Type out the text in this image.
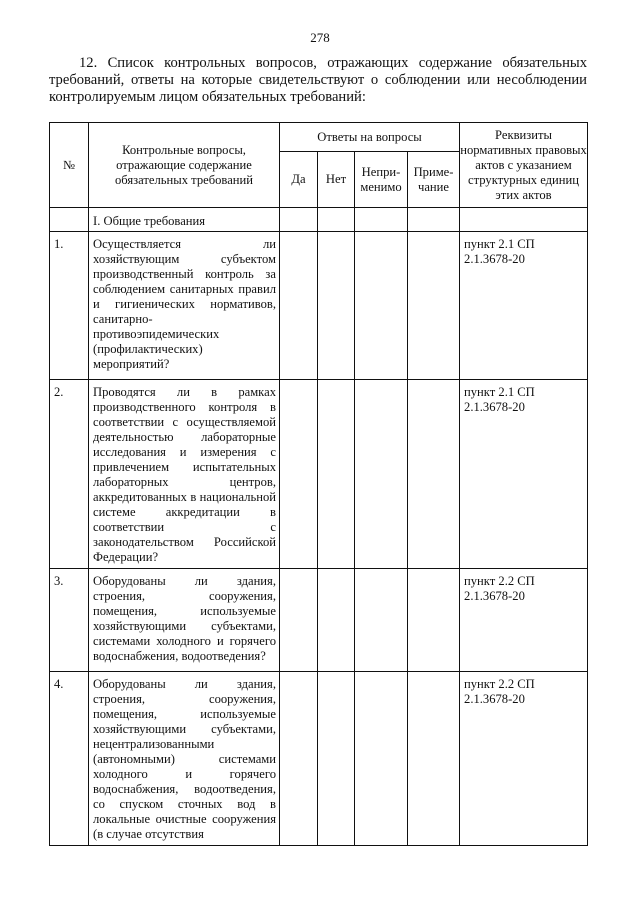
278
12. Список контрольных вопросов, отражающих содержание обязательных требований, ответы на которые свидетельствуют о соблюдении или несоблюдении контролируемым лицом обязательных требований:
№	Контрольные вопросы, отражающие содержание обязательных требований	Ответы на вопросы				Реквизиты нормативных правовых актов с указанием структурных единиц этих актов
		Да	Нет	Непри-менимо	Приме-чание	
	I. Общие требования					
1.	Осуществляется ли хозяйствующим субъектом производственный контроль за соблюдением санитарных правил и гигиенических нормативов, санитарно-противоэпидемических (профилактических) мероприятий?					пункт 2.1 СП 2.1.3678-20
2.	Проводятся ли в рамках производственного контроля в соответствии с осуществляемой деятельностью лабораторные исследования и измерения с привлечением испытательных лабораторных центров, аккредитованных в национальной системе аккредитации в соответствии с законодательством Российской Федерации?					пункт 2.1 СП 2.1.3678-20
3.	Оборудованы ли здания, строения, сооружения, помещения, используемые хозяйствующими субъектами, системами холодного и горячего водоснабжения, водоотведения?					пункт 2.2 СП 2.1.3678-20
4.	Оборудованы ли здания, строения, сооружения, помещения, используемые хозяйствующими субъектами, нецентрализованными (автономными) системами холодного и горячего водоснабжения, водоотведения, со спуском сточных вод в локальные очистные сооружения (в случае отсутствия					пункт 2.2 СП 2.1.3678-20
